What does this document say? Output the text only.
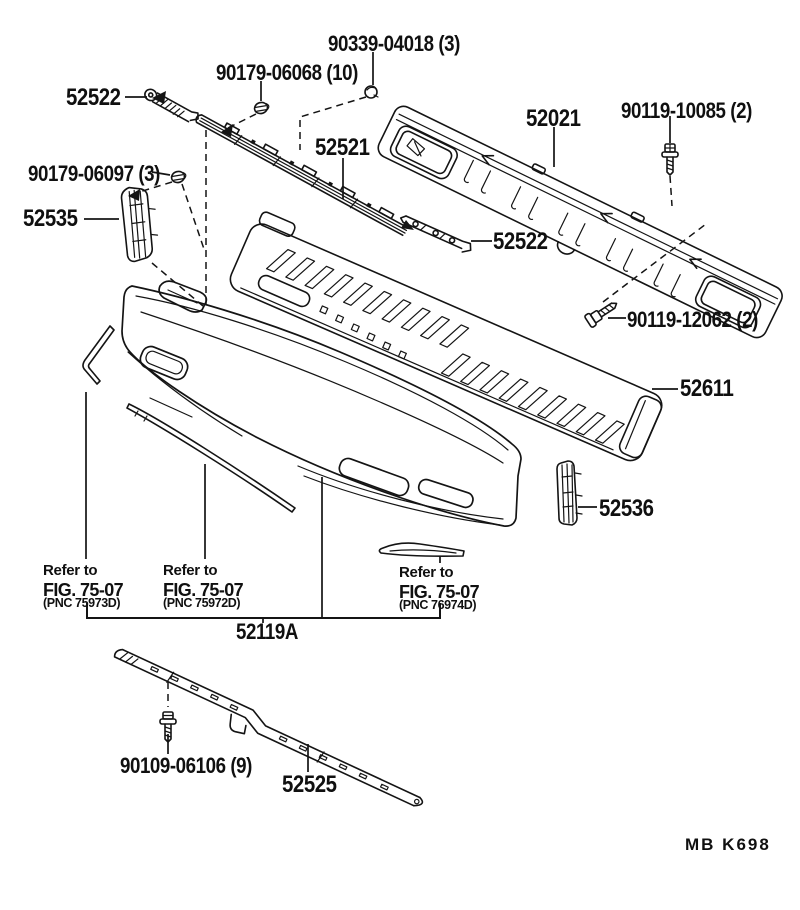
90339-04018 (3)
90179-06068 (10)
52522
52521
52021 90119-10085 (2)
90179-06097 (3)
52535
52522
90119-12062 (2)
52611
52536
52119A
90109-06106 (9)
52525
Refer to
FIG. 75-07
(PNC 75973D)
Refer to
FIG. 75-07
(PNC 75972D)
Refer to
FIG. 75-07
(PNC 76974D)
MB K698
